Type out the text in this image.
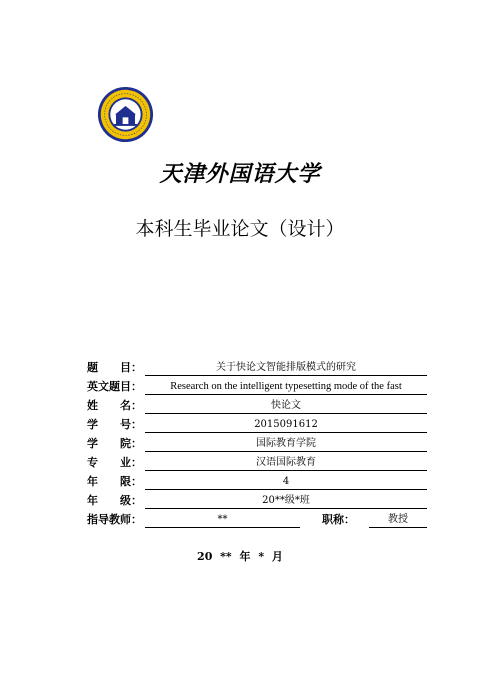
天津外国语大学
本科生毕业论文（设计）
题　　目：	关于快论文智能排版模式的研究
英文题目：	Research on the intelligent typesetting mode of the fast
姓　　名：	快论文
学　　号：	2015091612
学　　院：	国际教育学院
专　　业：	汉语国际教育
年　　限：	4
年　　级：	20**级*班
指导教师：	**	职称：	教授
20 ** 年 * 月
